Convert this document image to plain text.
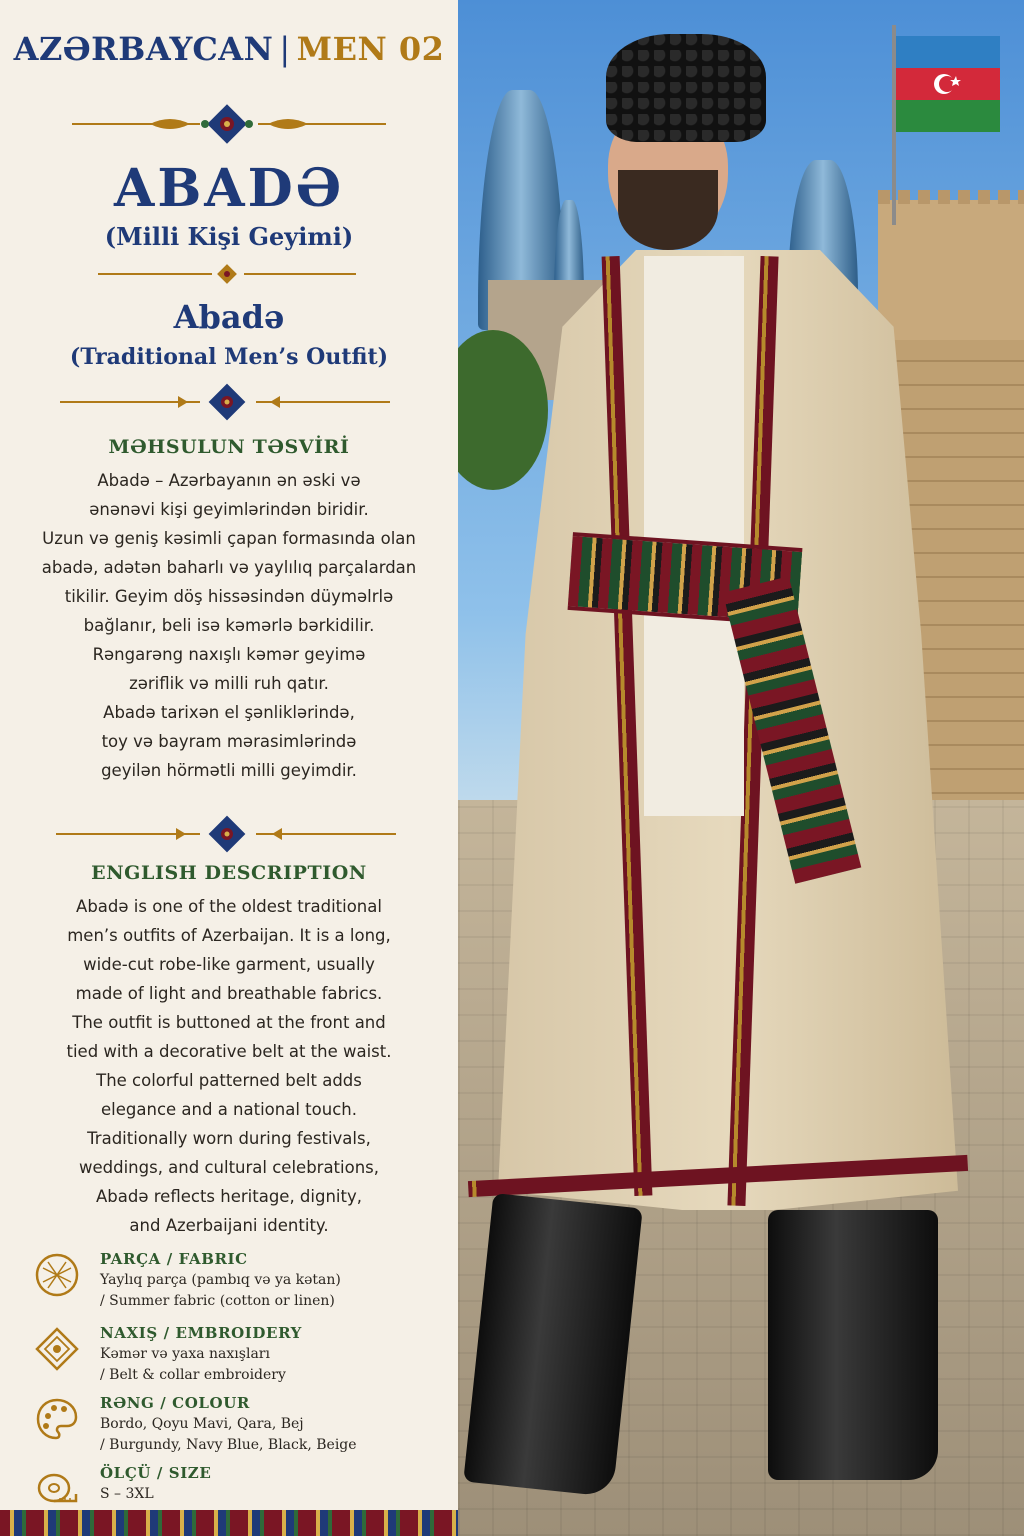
AZƏRBAYCAN | MEN 02
ABADƏ
(Milli Kişi Geyimi)
Abadə
(Traditional Men’s Outfit)
MƏHSULUN TƏSVİRİ
Abadə – Azərbayanın ən əski və
ənənəvi kişi geyimlərindən biridir.
Uzun və geniş kəsimli çapan formasında olan
abadə, adətən baharlı və yaylılıq parçalardan
tikilir. Geyim döş hissəsindən düyməlrlə
bağlanır, beli isə kəmərlə bərkidilir.
Rəngarəng naxışlı kəmər geyimə
zəriflik və milli ruh qatır.
Abadə tarixən el şənliklərində,
toy və bayram mərasimlərində
geyilən hörmətli milli geyimdir.
ENGLISH DESCRIPTION
Abadə is one of the oldest traditional
men’s outfits of Azerbaijan. It is a long,
wide-cut robe-like garment, usually
made of light and breathable fabrics.
The outfit is buttoned at the front and
tied with a decorative belt at the waist.
The colorful patterned belt adds
elegance and a national touch.
Traditionally worn during festivals,
weddings, and cultural celebrations,
Abadə reflects heritage, dignity,
and Azerbaijani identity.
PARÇA / FABRIC
Yaylıq parça (pambıq və ya kətan)
/ Summer fabric (cotton or linen)
NAXIŞ / EMBROIDERY
Kəmər və yaxa naxışları
/ Belt & collar embroidery
RƏNG / COLOUR
Bordo, Qoyu Mavi, Qara, Bej
/ Burgundy, Navy Blue, Black, Beige
ÖLÇÜ / SIZE
S – 3XL
